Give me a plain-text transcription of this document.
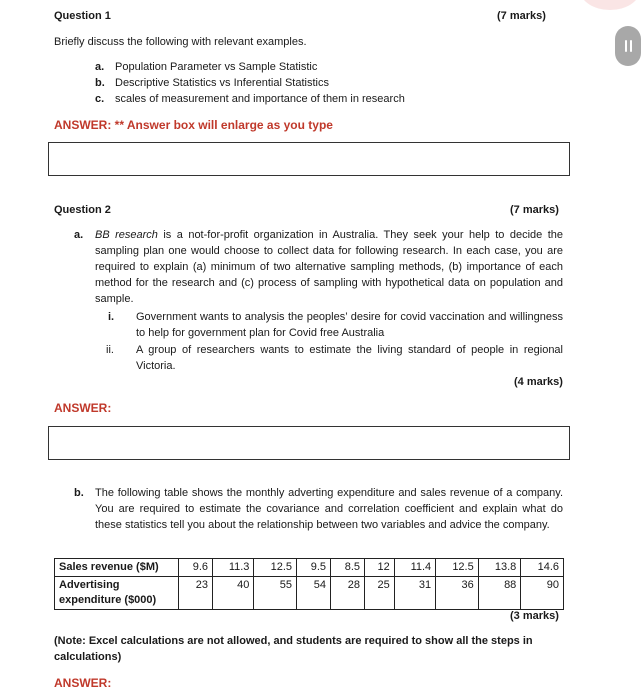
Question 1	(7 marks)
Briefly discuss the following with relevant examples.
a. Population Parameter vs Sample Statistic
b. Descriptive Statistics vs Inferential Statistics
c. scales of measurement and importance of them in research
ANSWER: ** Answer box will enlarge as you type
Question 2	(7 marks)
a. BB research is a not-for-profit organization in Australia. They seek your help to decide the sampling plan one would choose to collect data for following research. In each case, you are required to explain (a) minimum of two alternative sampling methods, (b) importance of each method for the research and (c) process of sampling with hypothetical data on population and sample.
i. Government wants to analysis the peoples’ desire for covid vaccination and willingness to help for government plan for Covid free Australia
ii. A group of researchers wants to estimate the living standard of people in regional Victoria.
(4 marks)
ANSWER:
b. The following table shows the monthly adverting expenditure and sales revenue of a company. You are required to estimate the covariance and correlation coefficient and explain what do these statistics tell you about the relationship between two variables and advice the company.
Sales revenue ($M)	9.6	11.3	12.5	9.5	8.5	12	11.4	12.5	13.8	14.6
Advertising expenditure ($000)	23	40	55	54	28	25	31	36	88	90
(3 marks)
(Note: Excel calculations are not allowed, and students are required to show all the steps in calculations)
ANSWER:
